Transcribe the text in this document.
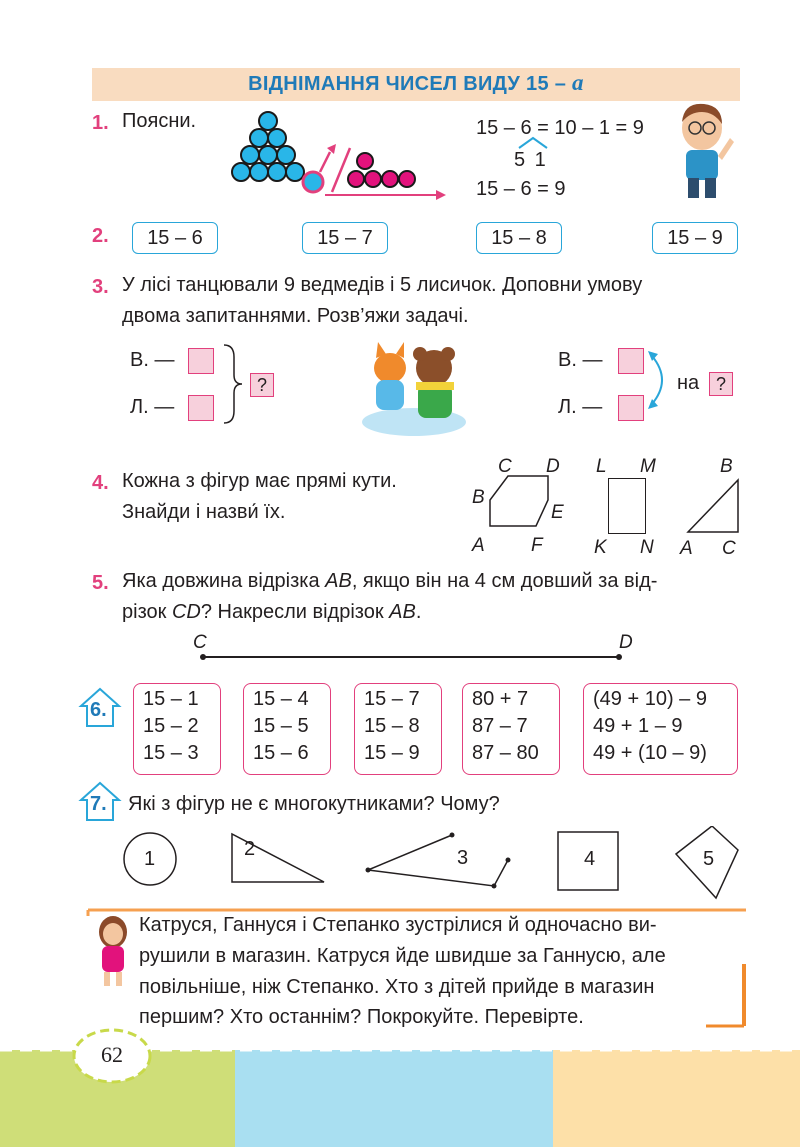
ВІДНІМАННЯ ЧИСЕЛ ВИДУ 15 – a
1. Поясни.	15 – 6 = 10 – 1 = 9
5 1
15 – 6 = 9
2.	15 – 6	15 – 7	15 – 8	15 – 9
3. У лісі танцювали 9 ведмедів і 5 лисичок. Доповни умову
двома запитаннями. Розв’яжи задачі.
В. —
Л. —
?
В. —
Л. —
на ?
4. Кожна з фігур має прямі кути.
Знайди і назви́ їх.
C D
B
E
A F
L M
K N
B
A C
5. Яка довжина відрізка AB, якщо він на 4 см довший за від-
різок CD? Накресли відрізок AB.
C	D
6. 15 – 1
15 – 2
15 – 3
15 – 4
15 – 5
15 – 6
15 – 7
15 – 8
15 – 9
80 + 7
87 – 7
87 – 80
(49 + 10) – 9
49 + 1 – 9
49 + (10 – 9)
7. Які з фігур не є многокутниками? Чому?
1	2	3	4	5
Катруся, Ганнуся і Степанко зустрілися й одночасно ви-
рушили в магазин. Катруся йде швидше за Ганнусю, але
повільніше, ніж Степанко. Хто з дітей прийде в магазин
першим? Хто останнім? Покрокуйте. Перевірте.
62
